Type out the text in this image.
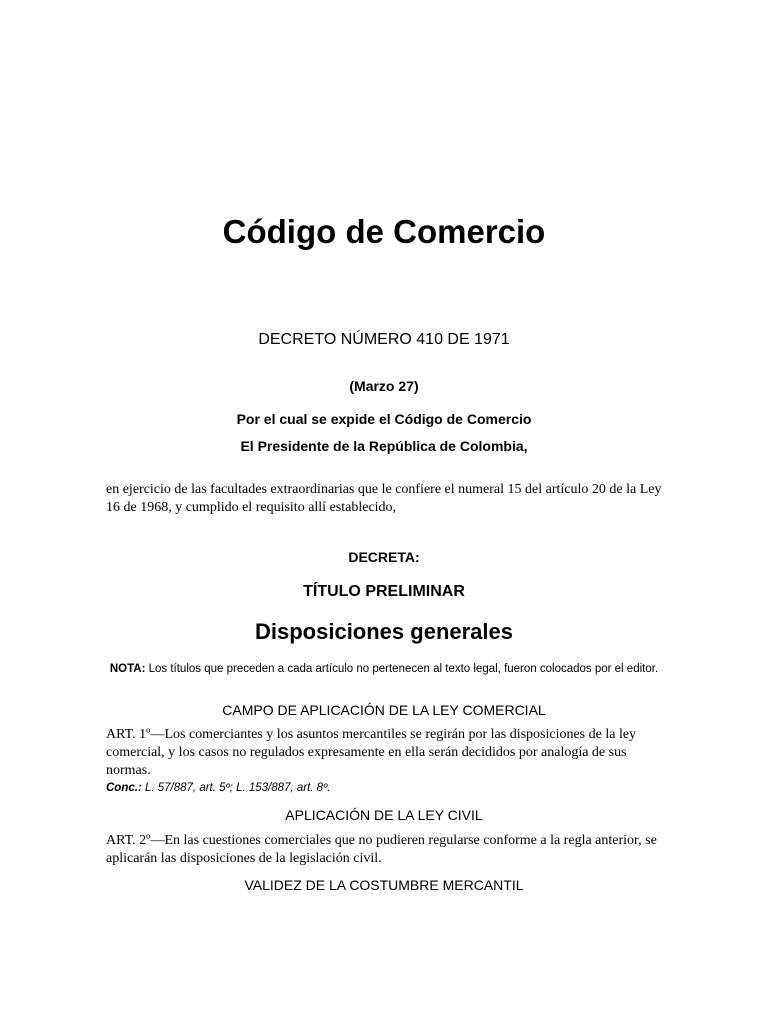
Código de Comercio
DECRETO NÚMERO 410 DE 1971
(Marzo 27)
Por el cual se expide el Código de Comercio
El Presidente de la República de Colombia,
en ejercicio de las facultades extraordinarias que le confiere el numeral 15 del artículo 20 de la Ley 16 de 1968, y cumplido el requisito allí establecido,
DECRETA:
TÍTULO PRELIMINAR
Disposiciones generales
NOTA: Los títulos que preceden a cada artículo no pertenecen al texto legal, fueron colocados por el editor.
CAMPO DE APLICACIÓN DE LA LEY COMERCIAL
ART. 1º—Los comerciantes y los asuntos mercantiles se regirán por las disposiciones de la ley comercial, y los casos no regulados expresamente en ella serán decididos por analogía de sus normas.
Conc.: L. 57/887, art. 5º; L. 153/887, art. 8º.
APLICACIÓN DE LA LEY CIVIL
ART. 2º—En las cuestiones comerciales que no pudieren regularse conforme a la regla anterior, se aplicarán las disposiciones de la legislación civil.
VALIDEZ DE LA COSTUMBRE MERCANTIL
